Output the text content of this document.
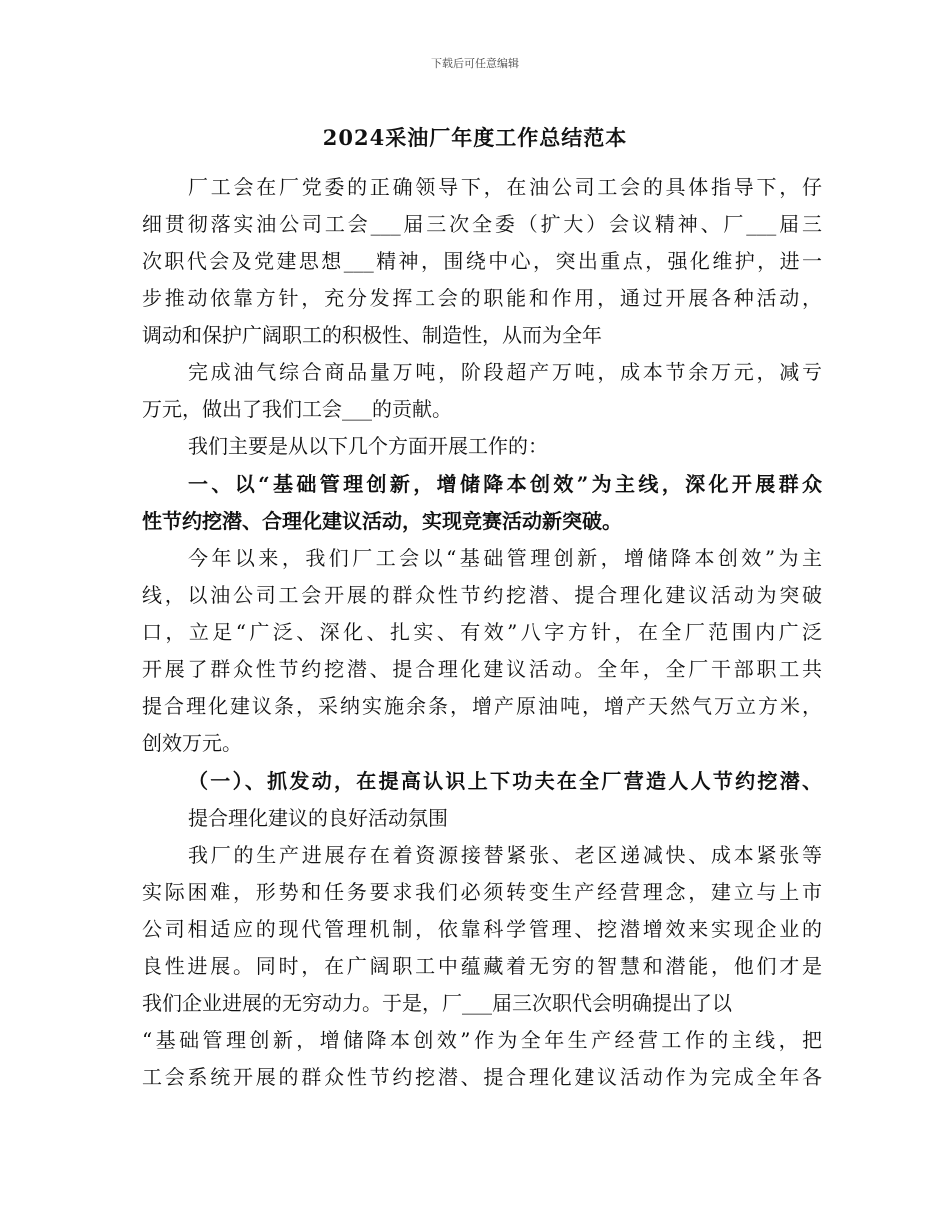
下载后可任意编辑
2024采油厂年度工作总结范本
厂工会在厂党委的正确领导下，在油公司工会的具体指导下，仔
细贯彻落实油公司工会___届三次全委（扩大）会议精神、厂___届三
次职代会及党建思想___精神，围绕中心，突出重点，强化维护，进一
步推动依靠方针，充分发挥工会的职能和作用，通过开展各种活动，
调动和保护广阔职工的积极性、制造性，从而为全年
完成油气综合商品量万吨，阶段超产万吨，成本节余万元，减亏
万元，做出了我们工会___的贡献。
我们主要是从以下几个方面开展工作的：
一、以“基础管理创新，增储降本创效”为主线，深化开展群众
性节约挖潜、合理化建议活动，实现竞赛活动新突破。
今年以来，我们厂工会以“基础管理创新，增储降本创效”为主
线，以油公司工会开展的群众性节约挖潜、提合理化建议活动为突破
口，立足“广泛、深化、扎实、有效”八字方针，在全厂范围内广泛
开展了群众性节约挖潜、提合理化建议活动。全年，全厂干部职工共
提合理化建议条，采纳实施余条，增产原油吨，增产天然气万立方米，
创效万元。
（一）、抓发动，在提高认识上下功夫在全厂营造人人节约挖潜、
提合理化建议的良好活动氛围
我厂的生产进展存在着资源接替紧张、老区递减快、成本紧张等
实际困难，形势和任务要求我们必须转变生产经营理念，建立与上市
公司相适应的现代管理机制，依靠科学管理、挖潜增效来实现企业的
良性进展。同时，在广阔职工中蕴藏着无穷的智慧和潜能，他们才是
我们企业进展的无穷动力。于是，厂___届三次职代会明确提出了以
“基础管理创新，增储降本创效”作为全年生产经营工作的主线，把
工会系统开展的群众性节约挖潜、提合理化建议活动作为完成全年各
